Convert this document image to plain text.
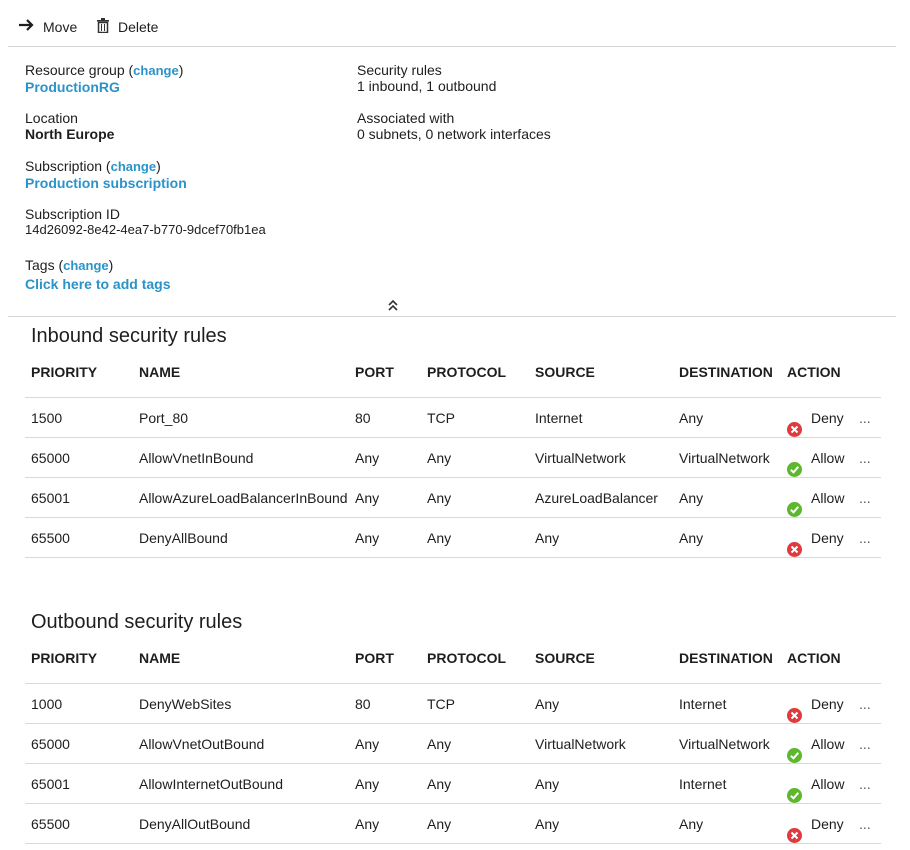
Move	Delete
Resource group (change)
ProductionRG
Location
North Europe
Subscription (change)
Production subscription
Subscription ID
14d26092-8e42-4ea7-b770-9dcef70fb1ea
Tags (change)
Click here to add tags
Security rules
1 inbound, 1 outbound
Associated with
0 subnets, 0 network interfaces
Inbound security rules
PRIORITY	NAME	PORT PROTOCOL SOURCE	DESTINATION ACTION
1500	Port_80	80	TCP	Internet	Any	Deny ...
65000	AllowVnetInBound	Any	Any	VirtualNetwork	VirtualNetwork	Allow ...
65001	AllowAzureLoadBalancerInBound Any	Any	AzureLoadBalancer Any	Allow ...
65500	DenyAllBound	Any	Any	Any	Any	Deny ...
Outbound security rules
PRIORITY	NAME	PORT PROTOCOL SOURCE	DESTINATION ACTION
1000	DenyWebSites	80	TCP	Any	Internet	Deny ...
65000	AllowVnetOutBound	Any	Any	VirtualNetwork	VirtualNetwork	Allow ...
65001	AllowInternetOutBound	Any	Any	Any	Internet	Allow ...
65500	DenyAllOutBound	Any	Any	Any	Any	Deny ...
